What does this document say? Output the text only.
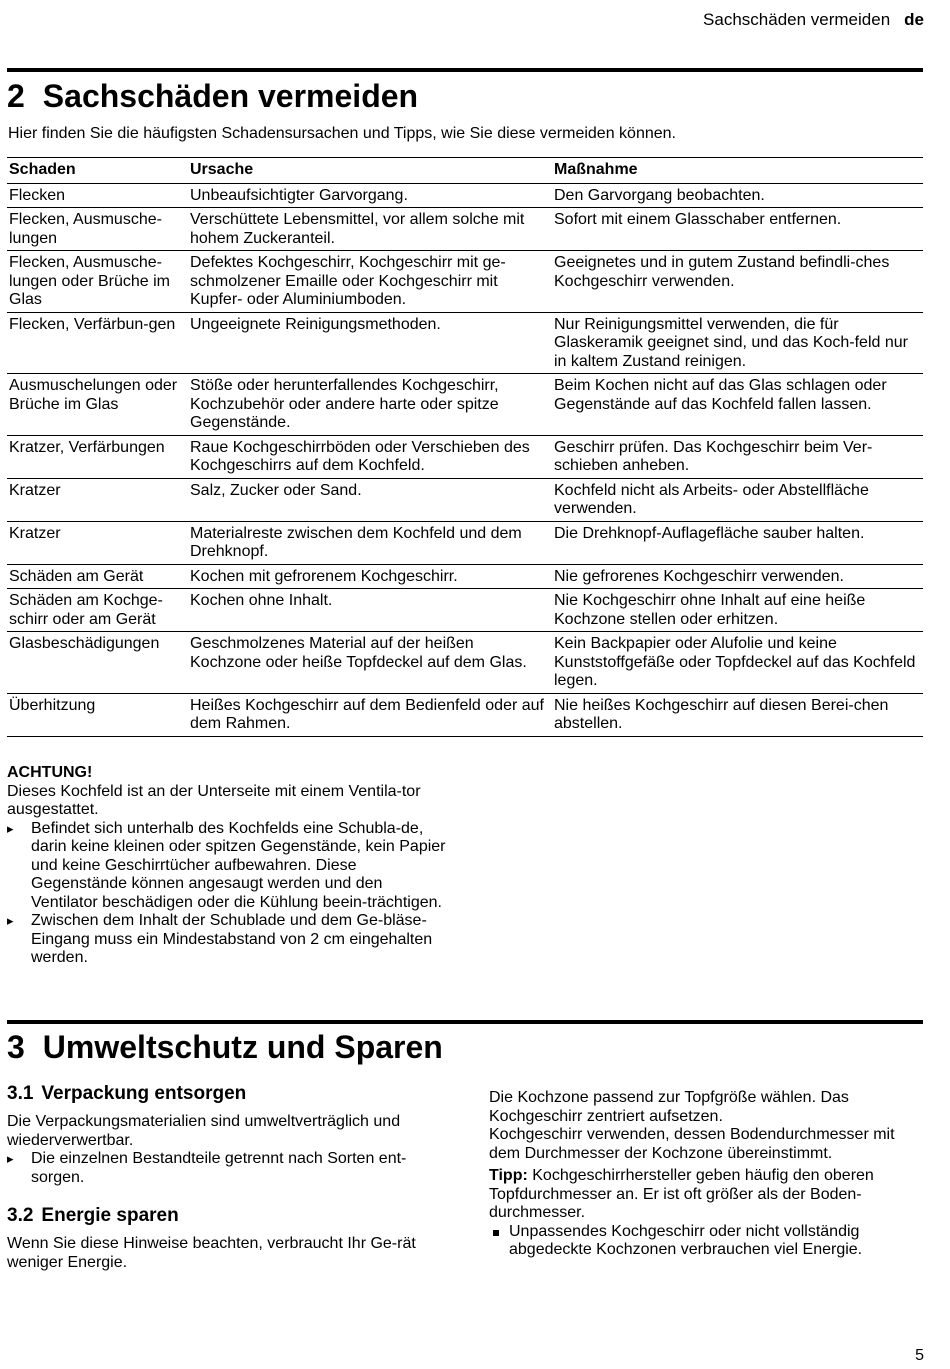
Sachschäden vermeiden de
2 Sachschäden vermeiden
Hier finden Sie die häufigsten Schadensursachen und Tipps, wie Sie diese vermeiden können.
Schaden	Ursache	Maßnahme
Flecken	Unbeaufsichtigter Garvorgang.	Den Garvorgang beobachten.
Flecken, Ausmusche-lungen	Verschüttete Lebensmittel, vor allem solche mit hohem Zuckeranteil.	Sofort mit einem Glasschaber entfernen.
Flecken, Ausmusche-lungen oder Brüche im Glas	Defektes Kochgeschirr, Kochgeschirr mit ge-schmolzener Emaille oder Kochgeschirr mit Kupfer- oder Aluminiumboden.	Geeignetes und in gutem Zustand befindli-ches Kochgeschirr verwenden.
Flecken, Verfärbun-gen	Ungeeignete Reinigungsmethoden.	Nur Reinigungsmittel verwenden, die für Glaskeramik geeignet sind, und das Koch-feld nur in kaltem Zustand reinigen.
Ausmuschelungen oder Brüche im Glas	Stöße oder herunterfallendes Kochgeschirr, Kochzubehör oder andere harte oder spitze Gegenstände.	Beim Kochen nicht auf das Glas schlagen oder Gegenstände auf das Kochfeld fallen lassen.
Kratzer, Verfärbungen	Raue Kochgeschirrböden oder Verschieben des Kochgeschirrs auf dem Kochfeld.	Geschirr prüfen. Das Kochgeschirr beim Ver-schieben anheben.
Kratzer	Salz, Zucker oder Sand.	Kochfeld nicht als Arbeits- oder Abstellfläche verwenden.
Kratzer	Materialreste zwischen dem Kochfeld und dem Drehknopf.	Die Drehknopf-Auflagefläche sauber halten.
Schäden am Gerät	Kochen mit gefrorenem Kochgeschirr.	Nie gefrorenes Kochgeschirr verwenden.
Schäden am Kochge-schirr oder am Gerät	Kochen ohne Inhalt.	Nie Kochgeschirr ohne Inhalt auf eine heiße Kochzone stellen oder erhitzen.
Glasbeschädigungen	Geschmolzenes Material auf der heißen Kochzone oder heiße Topfdeckel auf dem Glas.	Kein Backpapier oder Alufolie und keine Kunststoffgefäße oder Topfdeckel auf das Kochfeld legen.
Überhitzung	Heißes Kochgeschirr auf dem Bedienfeld oder auf dem Rahmen.	Nie heißes Kochgeschirr auf diesen Berei-chen abstellen.
ACHTUNG!
Dieses Kochfeld ist an der Unterseite mit einem Ventila-tor ausgestattet.
▸ Befindet sich unterhalb des Kochfelds eine Schubla-de, darin keine kleinen oder spitzen Gegenstände, kein Papier und keine Geschirrtücher aufbewahren. Diese Gegenstände können angesaugt werden und den Ventilator beschädigen oder die Kühlung beein-trächtigen.
▸ Zwischen dem Inhalt der Schublade und dem Ge-bläse-Eingang muss ein Mindestabstand von 2 cm eingehalten werden.
3 Umweltschutz und Sparen
3.1 Verpackung entsorgen

Die Verpackungsmaterialien sind umweltverträglich und wiederverwertbar.

▸ Die einzelnen Bestandteile getrennt nach Sorten ent-sorgen.
3.2 Energie sparen

Wenn Sie diese Hinweise beachten, verbraucht Ihr Ge-rät weniger Energie.

Die Kochzone passend zur Topfgröße wählen. Das Kochgeschirr zentriert aufsetzen.

Kochgeschirr verwenden, dessen Bodendurchmesser mit dem Durchmesser der Kochzone übereinstimmt.

Tipp: Kochgeschirrhersteller geben häufig den oberen Topfdurchmesser an. Er ist oft größer als der Boden-durchmesser.

Unpassendes Kochgeschirr oder nicht vollständig abgedeckte Kochzonen verbrauchen viel Energie.
5
